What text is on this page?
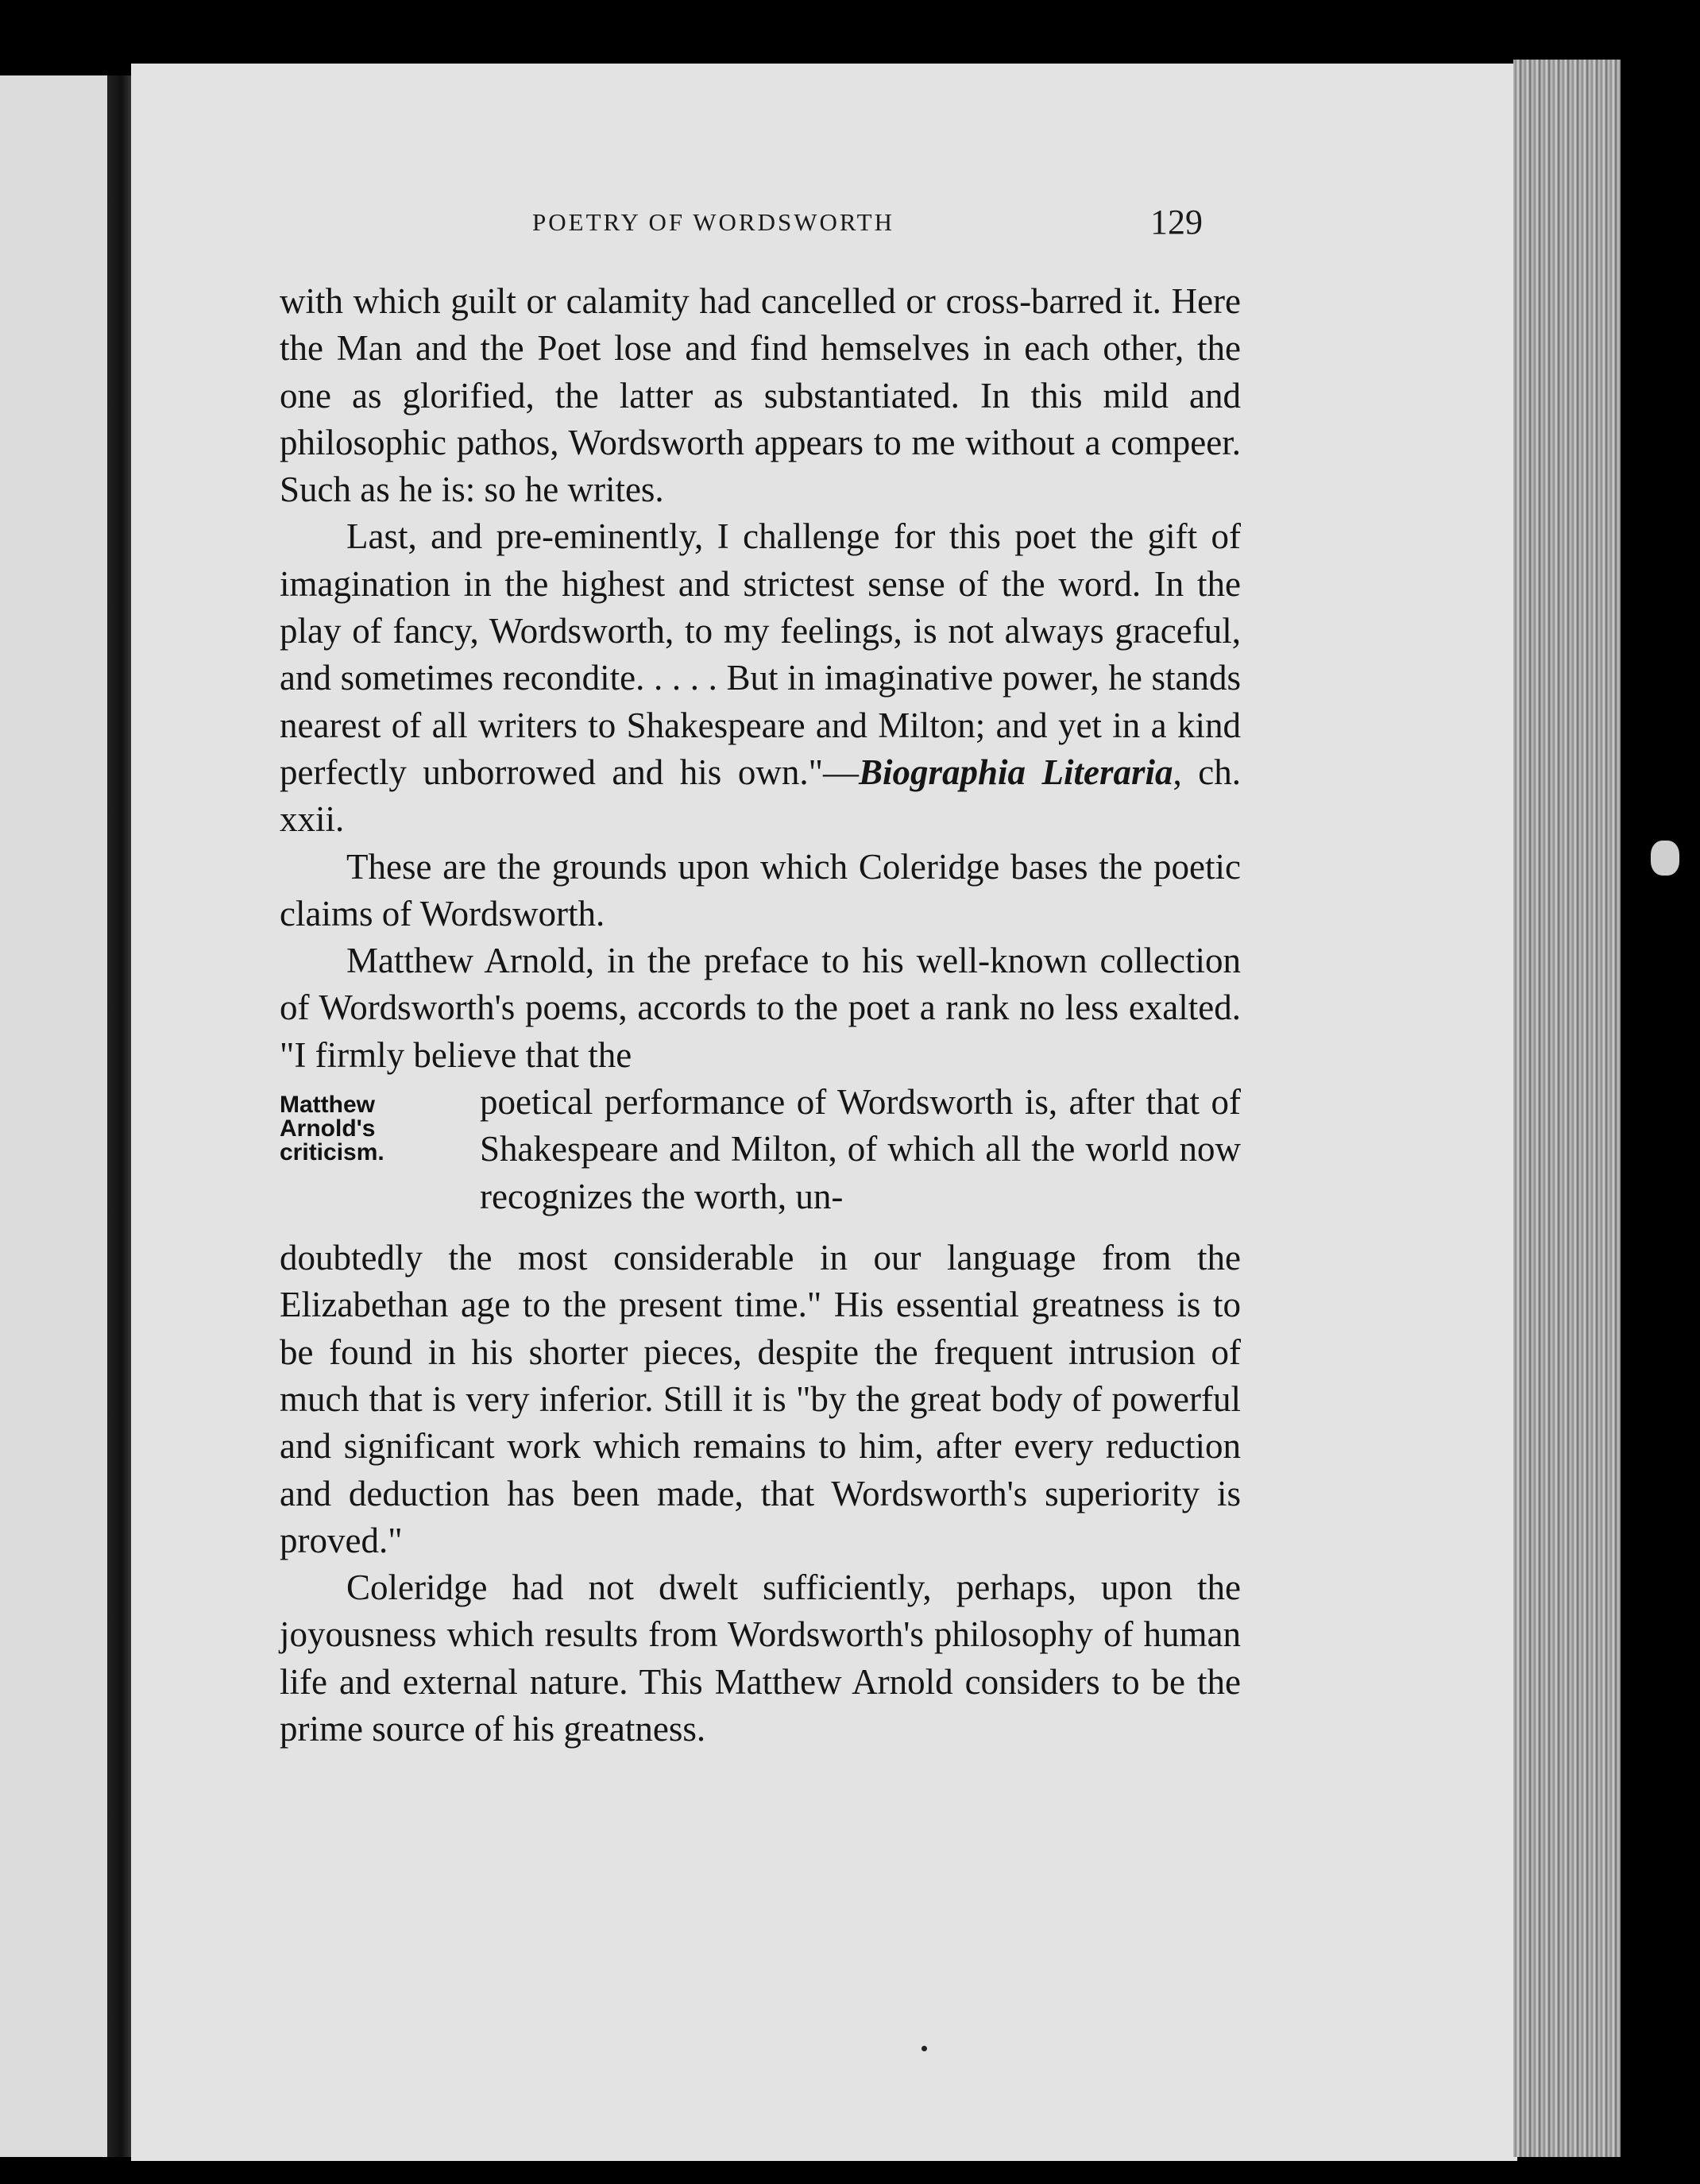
POETRY OF WORDSWORTH	129

with which guilt or calamity had cancelled or cross-barred it. Here the Man and the Poet lose and find hemselves in each other, the one as glorified, the latter as substantiated. In this mild and philosophic pathos, Wordsworth appears to me without a compeer. Such as he is: so he writes.

Last, and pre-eminently, I challenge for this poet the gift of imagination in the highest and strictest sense of the word. In the play of fancy, Wordsworth, to my feelings, is not always graceful, and sometimes recondite. . . . . But in imaginative power, he stands nearest of all writers to Shakespeare and Milton; and yet in a kind perfectly unborrowed and his own."—Biographia Literaria, ch. xxii.

These are the grounds upon which Coleridge bases the poetic claims of Wordsworth.

Matthew Arnold, in the preface to his well-known collection of Wordsworth's poems, accords to the poet a rank no less exalted. "I firmly believe that the

Matthew
Arnold's
criticism.

poetical performance of Wordsworth is, after that of Shakespeare and Milton, of which all the world now recognizes the worth, un-

doubtedly the most considerable in our language from the Elizabethan age to the present time." His essential greatness is to be found in his shorter pieces, despite the frequent intrusion of much that is very inferior. Still it is "by the great body of powerful and significant work which remains to him, after every reduction and deduction has been made, that Wordsworth's superiority is proved."

Coleridge had not dwelt sufficiently, perhaps, upon the joyousness which results from Wordsworth's philosophy of human life and external nature. This Matthew Arnold considers to be the prime source of his greatness.
